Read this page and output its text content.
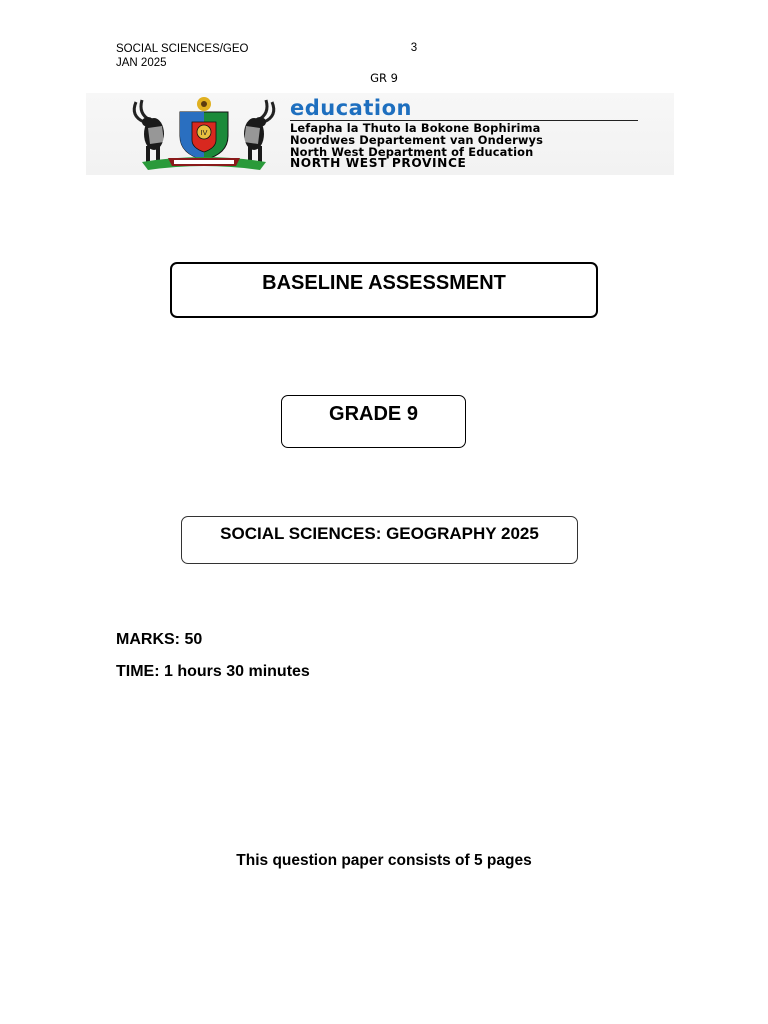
SOCIAL SCIENCES/GEO
JAN 2025
3
GR 9
IV
education
Lefapha la Thuto la Bokone Bophirima
Noordwes Departement van Onderwys
North West Department of Education
NORTH WEST PROVINCE
BASELINE ASSESSMENT
GRADE 9
SOCIAL SCIENCES: GEOGRAPHY 2025
MARKS: 50
TIME: 1 hours 30 minutes
This question paper consists of 5 pages
